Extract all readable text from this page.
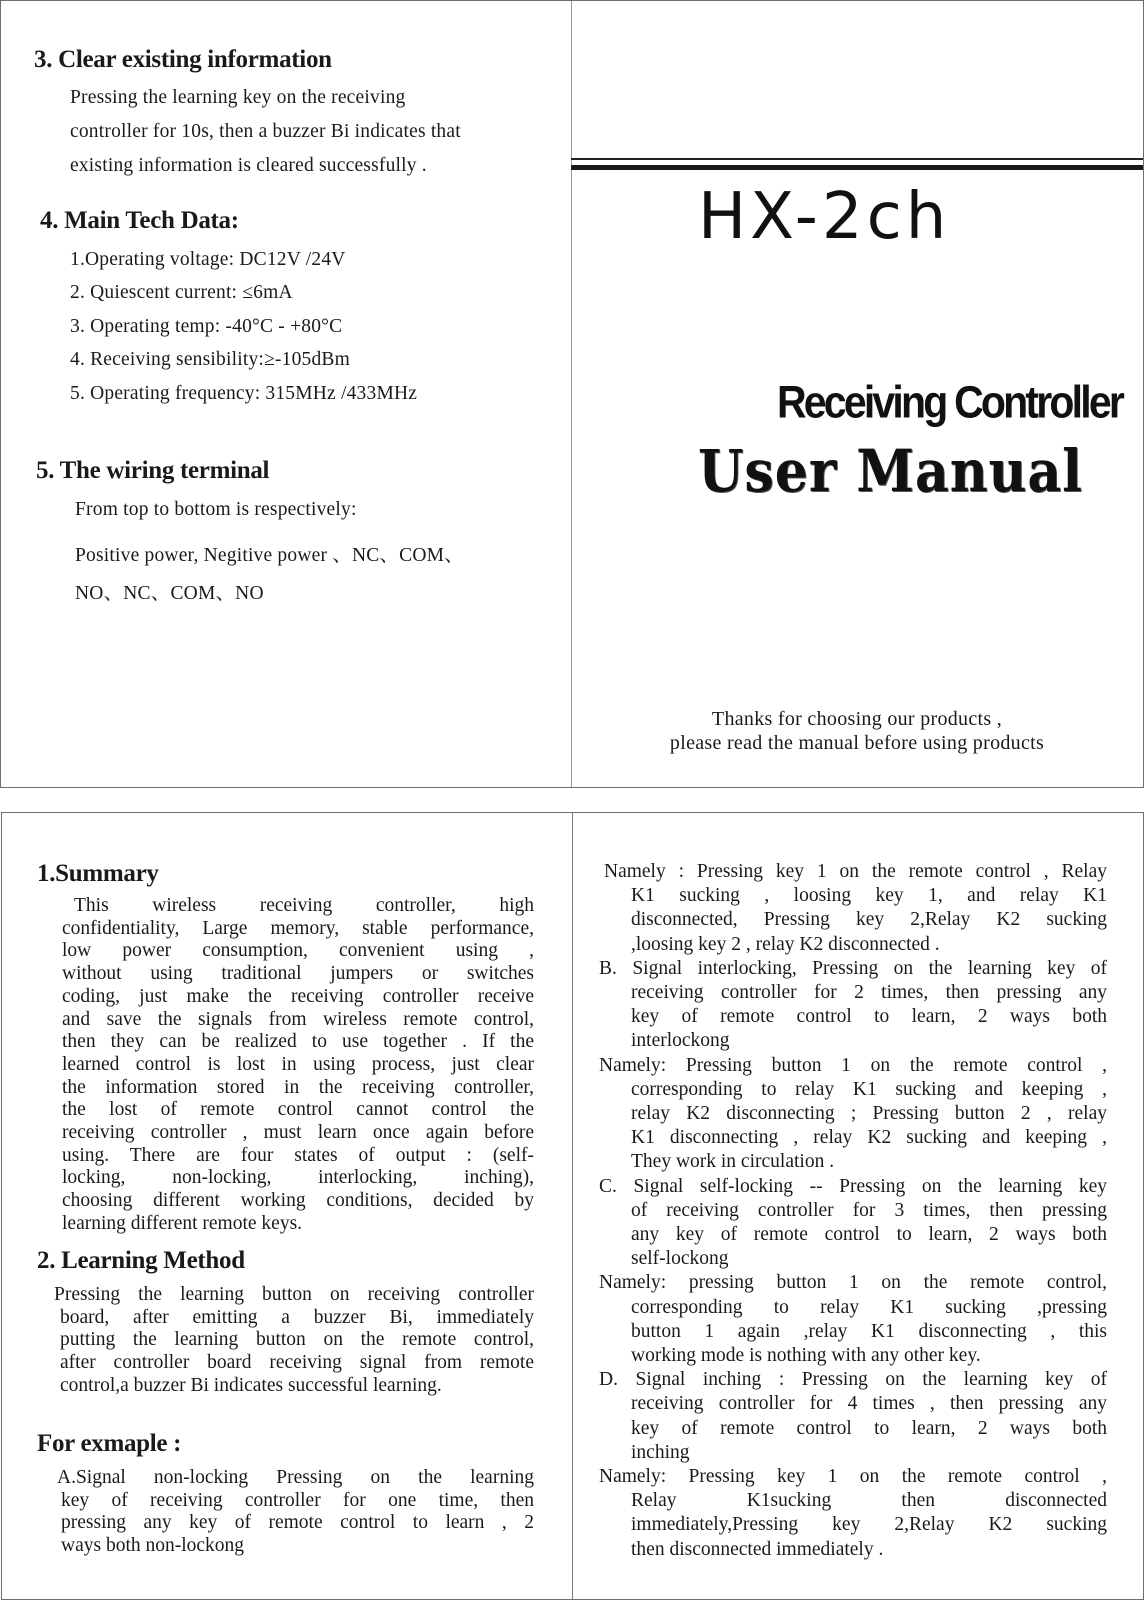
3. Clear existing information
Pressing the learning key on the receiving
controller for 10s, then a buzzer Bi indicates that
existing information is cleared successfully .
4. Main Tech Data:
1.Operating voltage: DC12V /24V
2. Quiescent current: ≤6mA
3. Operating temp: -40°C - +80°C
4. Receiving sensibility:≥-105dBm
5. Operating frequency: 315MHz /433MHz
5. The wiring terminal
From top to bottom is respectively:
Positive power, Negitive power 、NC、COM、
NO、NC、COM、NO
HX-2ch
Receiving Controller
User Manual
Thanks for choosing our products ,
please read the manual before using products
1.Summary
This wireless receiving controller, high
confidentiality, Large memory, stable performance,
low power consumption, convenient using ,
without using traditional jumpers or switches
coding, just make the receiving controller receive
and save the signals from wireless remote control,
then they can be realized to use together . If the
learned control is lost in using process, just clear
the information stored in the receiving controller,
the lost of remote control cannot control the
receiving controller , must learn once again before
using. There are four states of output : (self-
locking, non-locking, interlocking, inching),
choosing different working conditions, decided by
learning different remote keys.
2. Learning Method
Pressing the learning button on receiving controller
board, after emitting a buzzer Bi, immediately
putting the learning button on the remote control,
after controller board receiving signal from remote
control,a buzzer Bi indicates successful learning.
For exmaple :
A.Signal non-locking Pressing on the learning
key of receiving controller for one time, then
pressing any key of remote control to learn , 2
ways both non-lockong
Namely : Pressing key 1 on the remote control , Relay
K1 sucking , loosing key 1, and relay K1
disconnected, Pressing key 2,Relay K2 sucking
,loosing key 2 , relay K2 disconnected .
B. Signal interlocking, Pressing on the learning key of
receiving controller for 2 times, then pressing any
key of remote control to learn, 2 ways both
interlockong
Namely: Pressing button 1 on the remote control ,
corresponding to relay K1 sucking and keeping ,
relay K2 disconnecting ; Pressing button 2 , relay
K1 disconnecting , relay K2 sucking and keeping ,
They work in circulation .
C. Signal self-locking -- Pressing on the learning key
of receiving controller for 3 times, then pressing
any key of remote control to learn, 2 ways both
self-lockong
Namely: pressing button 1 on the remote control,
corresponding to relay K1 sucking ,pressing
button 1 again ,relay K1 disconnecting , this
working mode is nothing with any other key.
D. Signal inching : Pressing on the learning key of
receiving controller for 4 times , then pressing any
key of remote control to learn, 2 ways both
inching
Namely: Pressing key 1 on the remote control ,
Relay K1sucking then disconnected
immediately,Pressing key 2,Relay K2 sucking
then disconnected immediately .
